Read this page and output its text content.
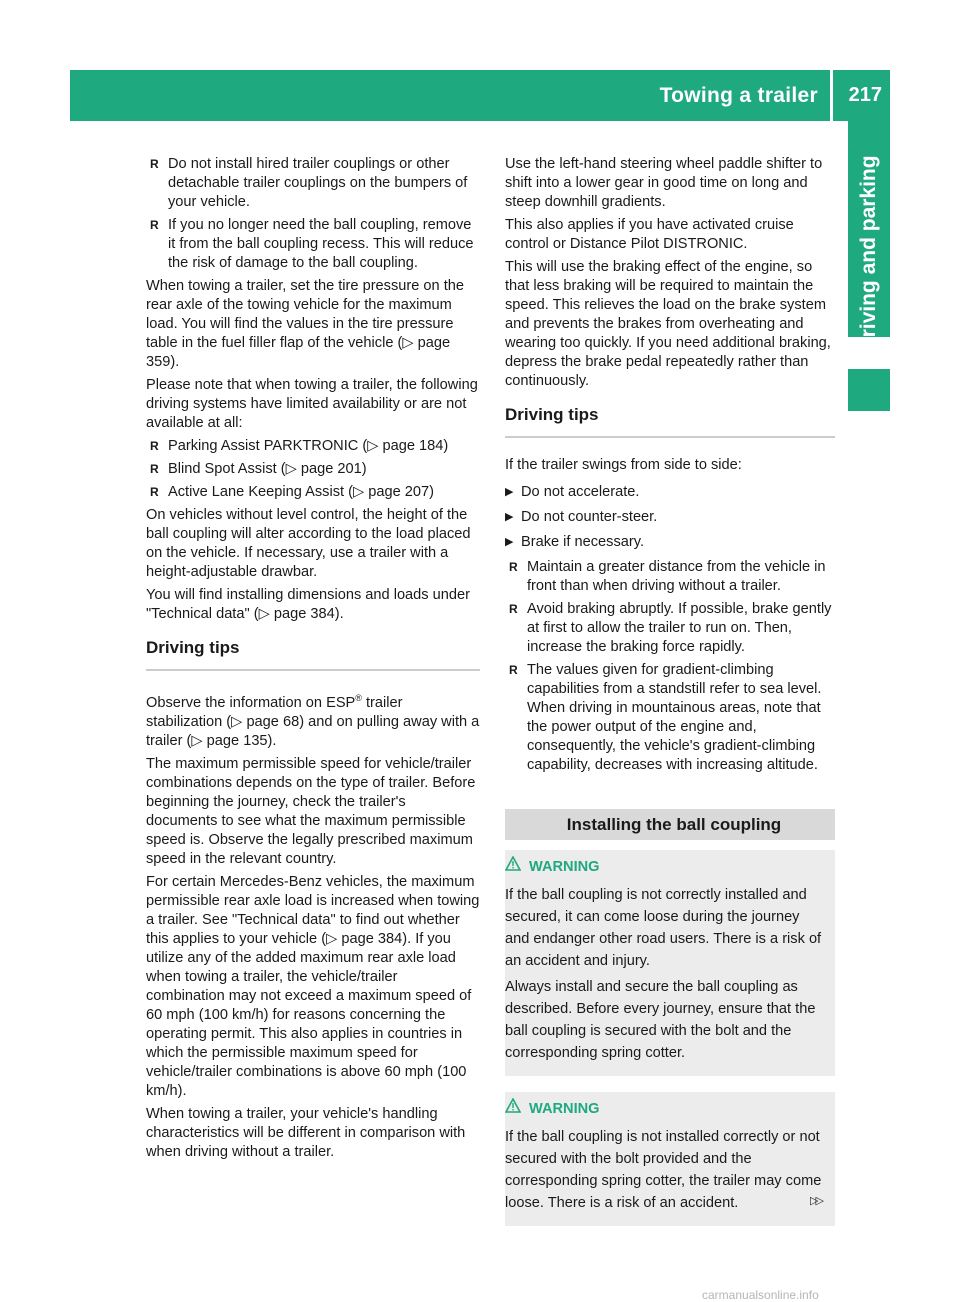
Towing a trailer 217
Driving and parking
R Do not install hired trailer couplings or other detachable trailer couplings on the bumpers of your vehicle.
R If you no longer need the ball coupling, remove it from the ball coupling recess. This will reduce the risk of damage to the ball coupling.

When towing a trailer, set the tire pressure on the rear axle of the towing vehicle for the maximum load. You will find the values in the tire pressure table in the fuel filler flap of the vehicle (▷ page 359).

Please note that when towing a trailer, the following driving systems have limited availability or are not available at all:

R Parking Assist PARKTRONIC (▷ page 184)
R Blind Spot Assist (▷ page 201)
R Active Lane Keeping Assist (▷ page 207)

On vehicles without level control, the height of the ball coupling will alter according to the load placed on the vehicle. If necessary, use a trailer with a height-adjustable drawbar.

You will find installing dimensions and loads under "Technical data" (▷ page 384).

Driving tips

Observe the information on ESP® trailer stabilization (▷ page 68) and on pulling away with a trailer (▷ page 135).

The maximum permissible speed for vehicle/trailer combinations depends on the type of trailer. Before beginning the journey, check the trailer's documents to see what the maximum permissible speed is. Observe the legally prescribed maximum speed in the relevant country.

For certain Mercedes-Benz vehicles, the maximum permissible rear axle load is increased when towing a trailer. See "Technical data" to find out whether this applies to your vehicle (▷ page 384). If you utilize any of the added maximum rear axle load when towing a trailer, the vehicle/trailer combination may not exceed a maximum speed of 60 mph (100 km/h) for reasons concerning the operating permit. This also applies in countries in which the permissible maximum speed for vehicle/trailer combinations is above 60 mph (100 km/h).

When towing a trailer, your vehicle's handling characteristics will be different in comparison with when driving without a trailer.

Use the left-hand steering wheel paddle shifter to shift into a lower gear in good time on long and steep downhill gradients.

This also applies if you have activated cruise control or Distance Pilot DISTRONIC.

This will use the braking effect of the engine, so that less braking will be required to maintain the speed. This relieves the load on the brake system and prevents the brakes from overheating and wearing too quickly. If you need additional braking, depress the brake pedal repeatedly rather than continuously.

Driving tips

If the trailer swings from side to side:

▶ Do not accelerate.
▶ Do not counter-steer.
▶ Brake if necessary.
R Maintain a greater distance from the vehicle in front than when driving without a trailer.
R Avoid braking abruptly. If possible, brake gently at first to allow the trailer to run on. Then, increase the braking force rapidly.
R The values given for gradient-climbing capabilities from a standstill refer to sea level. When driving in mountainous areas, note that the power output of the engine and, consequently, the vehicle's gradient-climbing capability, decreases with increasing altitude.
Installing the ball coupling
WARNING

If the ball coupling is not correctly installed and secured, it can come loose during the journey and endanger other road users. There is a risk of an accident and injury.

Always install and secure the ball coupling as described. Before every journey, ensure that the ball coupling is secured with the bolt and the corresponding spring cotter.

WARNING

If the ball coupling is not installed correctly or not secured with the bolt provided and the corresponding spring cotter, the trailer may come loose. There is a risk of an accident.	▷▷
carmanualsonline.info
